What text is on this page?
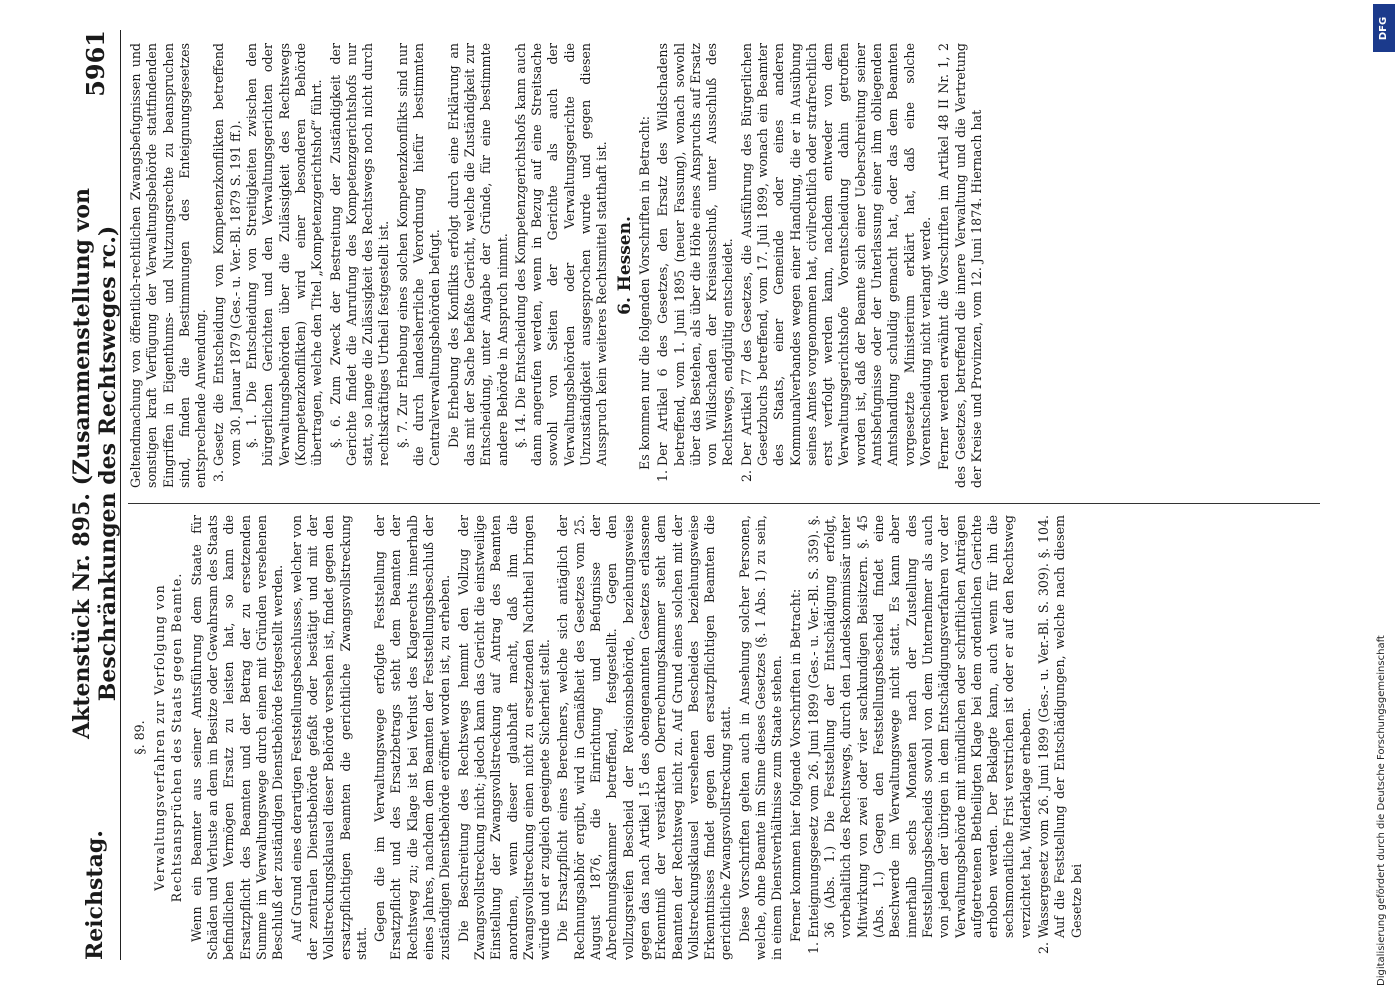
Reichstag.
Aktenstück Nr. 895. (Zusammenstellung von Beschränkungen des Rechtsweges rc.)
5961

§. 89. Verwaltungsverfahren zur Verfolgung von Rechtsansprüchen des Staats gegen Beamte. Wenn ein Beamter aus seiner Amtsführung dem Staate für Schäden und Verluste an dem im Besitze oder Gewahrsam des Staats befindlichen Vermögen Ersatz zu leisten hat, so kann die Ersatzpflicht des Beamten und der Betrag der zu ersetzenden Summe im Verwaltungswege durch einen mit Gründen versehenen Beschluß der zuständigen Dienstbehörde festgestellt werden. Auf Grund eines derartigen Feststellungsbeschlusses, welcher von der zentralen Dienstbehörde gefaßt oder bestätigt und mit der Vollstreckungsklausel dieser Behörde versehen ist, findet gegen den ersatzpflichtigen Beamten die gerichtliche Zwangsvollstreckung statt.

Gegen die im Verwaltungswege erfolgte Feststellung der Ersatzpflicht und des Ersatzbetrags steht dem Beamten der Rechtsweg zu; die Klage ist bei Verlust des Klagerechts innerhalb eines Jahres, nachdem dem Beamten der Feststellungsbeschluß der zuständigen Dienstbehörde eröffnet worden ist, zu erheben. Die Beschreitung des Rechtswegs hemmt den Vollzug der Zwangsvollstreckung nicht; jedoch kann das Gericht die einstweilige Einstellung der Zwangsvollstreckung auf Antrag des Beamten anordnen, wenn dieser glaubhaft macht, daß ihm die Zwangsvollstreckung einen nicht zu ersetzenden Nachtheil bringen würde und er zugleich geeignete Sicherheit stellt. Die Ersatzpflicht eines Berechners, welche sich antäglich der Rechnungsabhör ergibt, wird in Gemäßheit des Gesetzes vom 25. August 1876, die Einrichtung und Befugnisse der Abrechnungskammer betreffend, festgestellt. Gegen den vollzugsreifen Bescheid der Revisionsbehörde, beziehungsweise gegen das nach Artikel 15 des obengenannten Gesetzes erlassene Erkenntniß der verstärkten Oberrechnungskammer steht dem Beamten der Rechtsweg nicht zu. Auf Grund eines solchen mit der Vollstreckungsklausel versehenen Bescheides beziehungsweise Erkenntnisses findet gegen den ersatzpflichtigen Beamten die gerichtliche Zwangsvollstreckung statt. Diese Vorschriften gelten auch in Ansehung solcher Personen, welche, ohne Beamte im Sinne dieses Gesetzes (§. 1 Abs. 1) zu sein, in einem Dienstverhältnisse zum Staate stehen. Ferner kommen hier folgende Vorschriften in Betracht: 1. Enteignungsgesetz vom 26. Juni 1899 (Ges.- u. Ver.-Bl. S. 359). §. 36 (Abs. 1.) Die Feststellung der Entschädigung erfolgt, vorbehaltlich des Rechtswegs, durch den Landeskommissär unter Mitwirkung von zwei oder vier sachkundigen Beisitzern. §. 45 (Abs. 1.) Gegen den Feststellungsbescheid findet eine Beschwerde im Verwaltungswege nicht statt. Es kann aber innerhalb sechs Monaten nach der Zustellung des Feststellungsbescheids sowohl von dem Unternehmer als auch von jedem der übrigen in dem Entschädigungsverfahren vor der Verwaltungsbehörde mit mündlichen oder schriftlichen Anträgen aufgetretenen Betheiligten Klage bei dem ordentlichen Gerichte erhoben werden. Der Beklagte kann, auch wenn für ihn die sechsmonatliche Frist verstrichen ist oder er auf den Rechtsweg verzichtet hat, Widerklage erheben. 2. Wassergesetz vom 26. Juni 1899 (Ges.- u. Ver.-Bl. S. 309). §. 104. Auf die Feststellung der Entschädigungen, welche nach diesem Gesetze bei

Geltendmachung von öffentlich-rechtlichen Zwangsbefugnissen und sonstigen kraft Verfügung der Verwaltungsbehörde stattfindenden Eingriffen in Eigenthums- und Nutzungsrechte zu beanspruchen sind, finden die Bestimmungen des Enteignungsgesetzes entsprechende Anwendung. 3. Gesetz die Entscheidung von Kompetenzkonflikten betreffend vom 30. Januar 1879 (Ges.- u. Ver.-Bl. 1879 S. 191 ff.). §. 1. Die Entscheidung von Streitigkeiten zwischen den bürgerlichen Gerichten und den Verwaltungsgerichten oder Verwaltungsbehörden über die Zulässigkeit des Rechtswegs (Kompetenzkonflikten) wird einer besonderen Behörde übertragen, welche den Titel „Kompetenzgerichtshof“ führt. §. 6. Zum Zweck der Bestreitung der Zuständigkeit der Gerichte findet die Anrufung des Kompetenzgerichtshofs nur statt, so lange die Zulässigkeit des Rechtswegs noch nicht durch rechtskräftiges Urtheil festgestellt ist. §. 7. Zur Erhebung eines solchen Kompetenzkonflikts sind nur die durch landesherrliche Verordnung hiefür bestimmten Centralverwaltungsbehörden befugt. Die Erhebung des Konflikts erfolgt durch eine Erklärung an das mit der Sache befaßte Gericht, welche die Zuständigkeit zur Entscheidung, unter Angabe der Gründe, für eine bestimmte andere Behörde in Anspruch nimmt. §. 14. Die Entscheidung des Kompetenzgerichtshofs kann auch dann angerufen werden, wenn in Bezug auf eine Streitsache sowohl von Seiten der Gerichte als auch der Verwaltungsbehörden oder Verwaltungsgerichte die Unzuständigkeit ausgesprochen wurde und gegen diesen Ausspruch kein weiteres Rechtsmittel statthaft ist. 6. Hessen. Es kommen nur die folgenden Vorschriften in Betracht: 1. Der Artikel 6 des Gesetzes, den Ersatz des Wildschadens betreffend, vom 1. Juni 1895 (neuer Fassung), wonach sowohl über das Bestehen, als über die Höhe eines Anspruchs auf Ersatz von Wildschaden der Kreisausschuß, unter Ausschluß des Rechtswegs, endgültig entscheidet. 2. Der Artikel 77 des Gesetzes, die Ausführung des Bürgerlichen Gesetzbuchs betreffend, vom 17. Juli 1899, wonach ein Beamter des Staats, einer Gemeinde oder eines anderen Kommunalverbandes wegen einer Handlung, die er in Ausübung seines Amtes vorgenommen hat, civilrechtlich oder strafrechtlich erst verfolgt werden kann, nachdem entweder von dem Verwaltungsgerichtshofe Vorentscheidung dahin getroffen worden ist, daß der Beamte sich einer Ueberschreitung seiner Amtsbefugnisse oder der Unterlassung einer ihm obliegenden Amtshandlung schuldig gemacht hat, oder das dem Beamten vorgesetzte Ministerium erklärt hat, daß eine solche Vorentscheidung nicht verlangt werde. Ferner werden erwähnt die Vorschriften im Artikel 48 II Nr. 1, 2 des Gesetzes, betreffend die innere Verwaltung und die Vertretung der Kreise und Provinzen, vom 12. Juni 1874. Hiernach hat

DFG
Digitalisierung gefördert durch die Deutsche Forschungsgemeinschaft
